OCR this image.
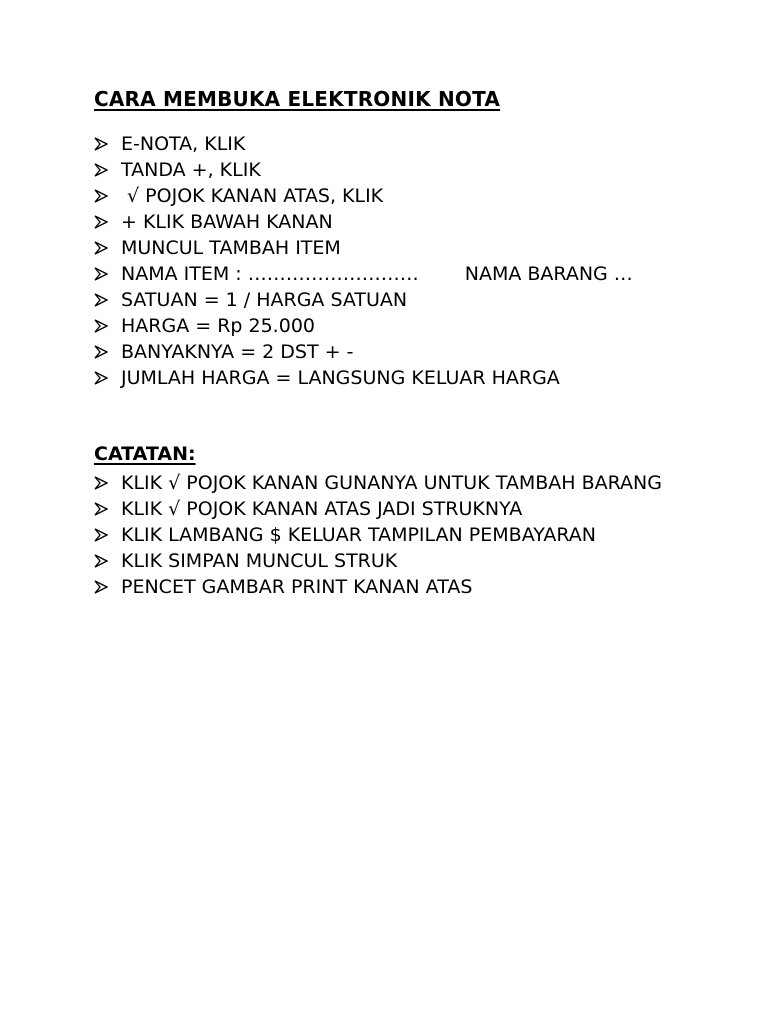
CARA MEMBUKA ELEKTRONIK NOTA
E-NOTA, KLIK
TANDA +, KLIK
√ POJOK KANAN ATAS, KLIK
+ KLIK BAWAH KANAN
MUNCUL TAMBAH ITEM
NAMA ITEM : ……………………… NAMA BARANG …
SATUAN = 1 / HARGA SATUAN
HARGA = Rp 25.000
BANYAKNYA = 2 DST + -
JUMLAH HARGA = LANGSUNG KELUAR HARGA
CATATAN:
KLIK √ POJOK KANAN GUNANYA UNTUK TAMBAH BARANG
KLIK √ POJOK KANAN ATAS JADI STRUKNYA
KLIK LAMBANG $ KELUAR TAMPILAN PEMBAYARAN
KLIK SIMPAN MUNCUL STRUK
PENCET GAMBAR PRINT KANAN ATAS
